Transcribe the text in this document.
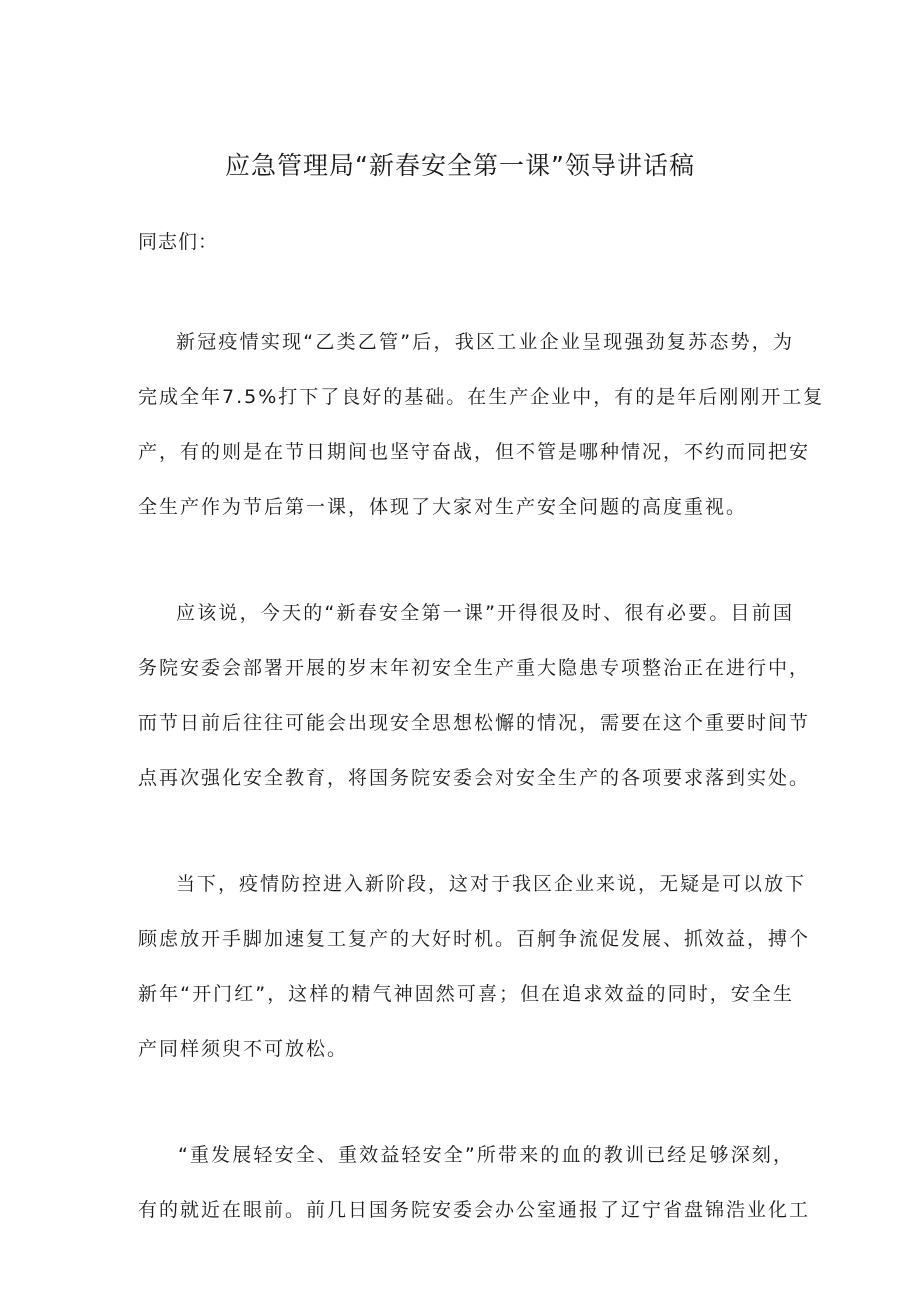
应急管理局“新春安全第一课”领导讲话稿

同志们：

新冠疫情实现“乙类乙管”后，我区工业企业呈现强劲复苏态势，为
完成全年7.5%打下了良好的基础。在生产企业中，有的是年后刚刚开工复
产，有的则是在节日期间也坚守奋战，但不管是哪种情况，不约而同把安
全生产作为节后第一课，体现了大家对生产安全问题的高度重视。

应该说，今天的“新春安全第一课”开得很及时、很有必要。目前国
务院安委会部署开展的岁末年初安全生产重大隐患专项整治正在进行中，
而节日前后往往可能会出现安全思想松懈的情况，需要在这个重要时间节
点再次强化安全教育，将国务院安委会对安全生产的各项要求落到实处。

当下，疫情防控进入新阶段，这对于我区企业来说，无疑是可以放下
顾虑放开手脚加速复工复产的大好时机。百舸争流促发展、抓效益，搏个
新年“开门红”，这样的精气神固然可喜；但在追求效益的同时，安全生
产同样须臾不可放松。

“重发展轻安全、重效益轻安全”所带来的血的教训已经足够深刻，
有的就近在眼前。前几日国务院安委会办公室通报了辽宁省盘锦浩业化工
